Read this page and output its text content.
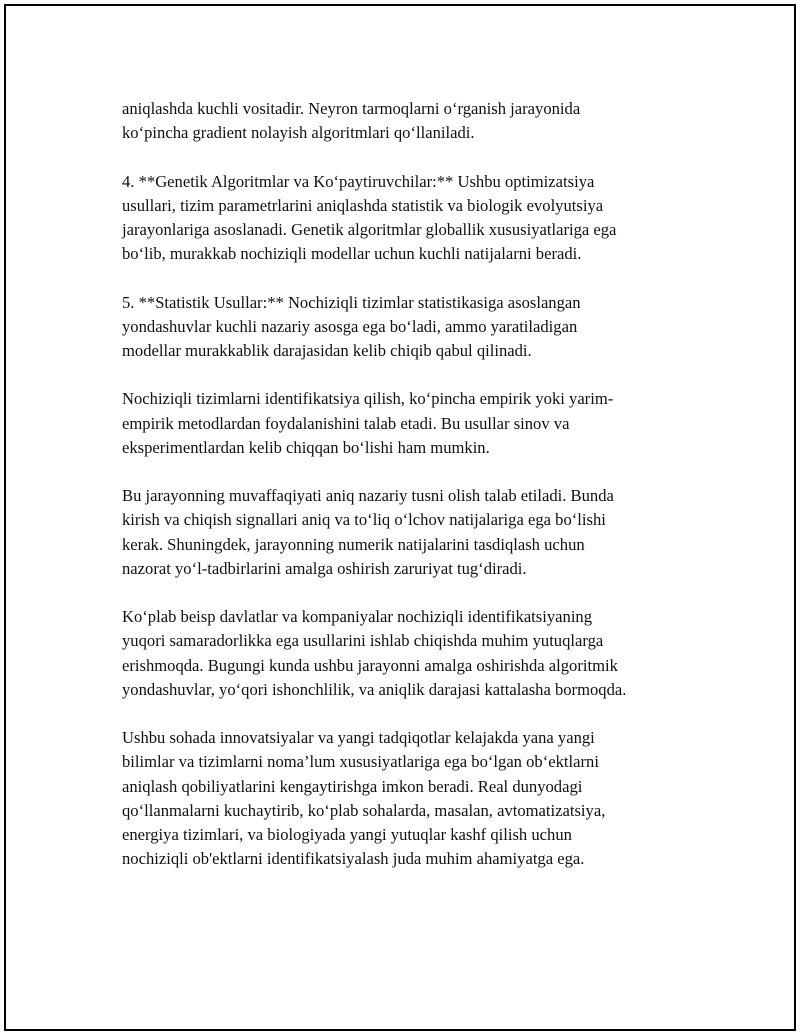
aniqlashda kuchli vositadir. Neyron tarmoqlarni o‘rganish jarayonida
ko‘pincha gradient nolayish algoritmlari qo‘llaniladi.

4. **Genetik Algoritmlar va Ko‘paytiruvchilar:** Ushbu optimizatsiya
usullari, tizim parametrlarini aniqlashda statistik va biologik evolyutsiya
jarayonlariga asoslanadi. Genetik algoritmlar globallik xususiyatlariga ega
bo‘lib, murakkab nochiziqli modellar uchun kuchli natijalarni beradi.

5. **Statistik Usullar:** Nochiziqli tizimlar statistikasiga asoslangan
yondashuvlar kuchli nazariy asosga ega bo‘ladi, ammo yaratiladigan
modellar murakkablik darajasidan kelib chiqib qabul qilinadi.

Nochiziqli tizimlarni identifikatsiya qilish, ko‘pincha empirik yoki yarim-
empirik metodlardan foydalanishini talab etadi. Bu usullar sinov va
eksperimentlardan kelib chiqqan bo‘lishi ham mumkin.

Bu jarayonning muvaffaqiyati aniq nazariy tusni olish talab etiladi. Bunda
kirish va chiqish signallari aniq va to‘liq o‘lchov natijalariga ega bo‘lishi
kerak. Shuningdek, jarayonning numerik natijalarini tasdiqlash uchun
nazorat yo‘l-tadbirlarini amalga oshirish zaruriyat tug‘diradi.

Ko‘plab beisp davlatlar va kompaniyalar nochiziqli identifikatsiyaning
yuqori samaradorlikka ega usullarini ishlab chiqishda muhim yutuqlarga
erishmoqda. Bugungi kunda ushbu jarayonni amalga oshirishda algoritmik
yondashuvlar, yo‘qori ishonchlilik, va aniqlik darajasi kattalasha bormoqda.

Ushbu sohada innovatsiyalar va yangi tadqiqotlar kelajakda yana yangi
bilimlar va tizimlarni noma’lum xususiyatlariga ega bo‘lgan ob‘ektlarni
aniqlash qobiliyatlarini kengaytirishga imkon beradi. Real dunyodagi
qo‘llanmalarni kuchaytirib, ko‘plab sohalarda, masalan, avtomatizatsiya,
energiya tizimlari, va biologiyada yangi yutuqlar kashf qilish uchun
nochiziqli ob'ektlarni identifikatsiyalash juda muhim ahamiyatga ega.
